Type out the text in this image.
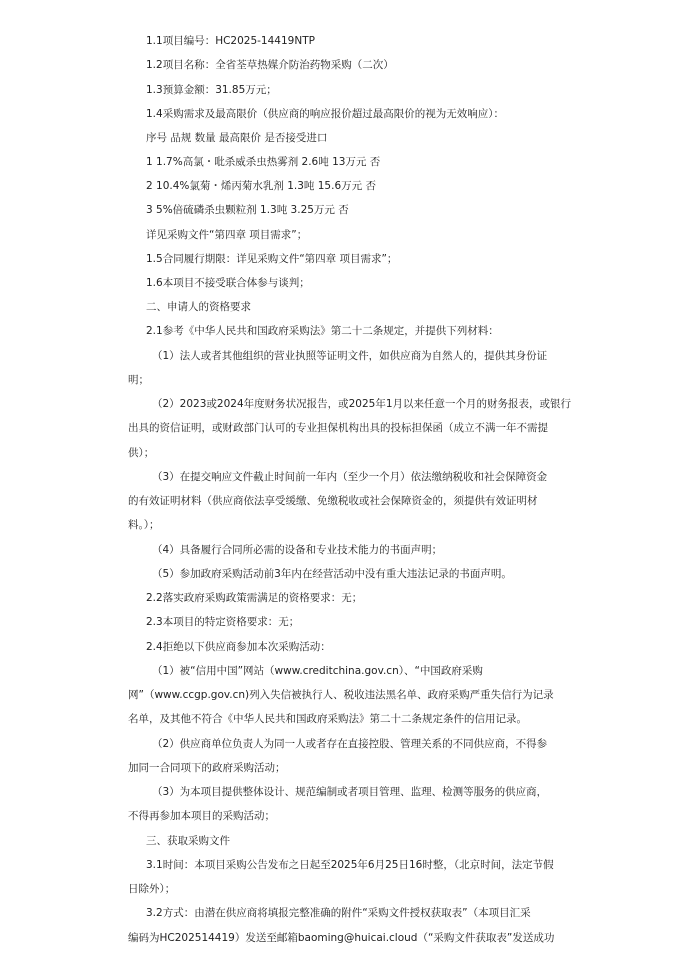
1.1项目编号：HC2025-14419NTP
1.2项目名称：全省荃草热媒介防治药物采购（二次）
1.3预算金额：31.85万元；
1.4采购需求及最高限价（供应商的响应报价超过最高限价的视为无效响应）：
序号 品规 数量 最高限价 是否接受进口
1 1.7%高氯・吡杀威杀虫热雾剂 2.6吨 13万元 否
2 10.4%氯菊・烯丙菊水乳剂 1.3吨 15.6万元 否
3 5%倍硫磷杀虫颗粒剂 1.3吨 3.25万元 否
详见采购文件“第四章 项目需求”；
1.5合同履行期限：详见采购文件“第四章 项目需求”；
1.6本项目不接受联合体参与谈判；
二、申请人的资格要求
2.1参考《中华人民共和国政府采购法》第二十二条规定，并提供下列材料：
（1）法人或者其他组织的营业执照等证明文件，如供应商为自然人的，提供其身份证
明；
（2）2023或2024年度财务状况报告，或2025年1月以来任意一个月的财务报表，或银行
出具的资信证明，或财政部门认可的专业担保机构出具的投标担保函（成立不满一年不需提
供）；
（3）在提交响应文件截止时间前一年内（至少一个月）依法缴纳税收和社会保障资金
的有效证明材料（供应商依法享受缓缴、免缴税收或社会保障资金的，须提供有效证明材
料。）；
（4）具备履行合同所必需的设备和专业技术能力的书面声明；
（5）参加政府采购活动前3年内在经营活动中没有重大违法记录的书面声明。
2.2落实政府采购政策需满足的资格要求：无；
2.3本项目的特定资格要求：无；
2.4拒绝以下供应商参加本次采购活动：
（1）被“信用中国”网站（www.creditchina.gov.cn）、“中国政府采购
网”（www.ccgp.gov.cn)列入失信被执行人、税收违法黑名单、政府采购严重失信行为记录
名单，及其他不符合《中华人民共和国政府采购法》第二十二条规定条件的信用记录。
（2）供应商单位负责人为同一人或者存在直接控股、管理关系的不同供应商，不得参
加同一合同项下的政府采购活动；
（3）为本项目提供整体设计、规范编制或者项目管理、监理、检测等服务的供应商，
不得再参加本项目的采购活动；
三、获取采购文件
3.1时间：本项目采购公告发布之日起至2025年6月25日16时整，（北京时间，法定节假
日除外）；
3.2方式：由潜在供应商将填报完整准确的附件“采购文件授权获取表”（本项目汇采
编码为HC202514419）发送至邮箱baoming@huicai.cloud（“采购文件获取表”发送成功
